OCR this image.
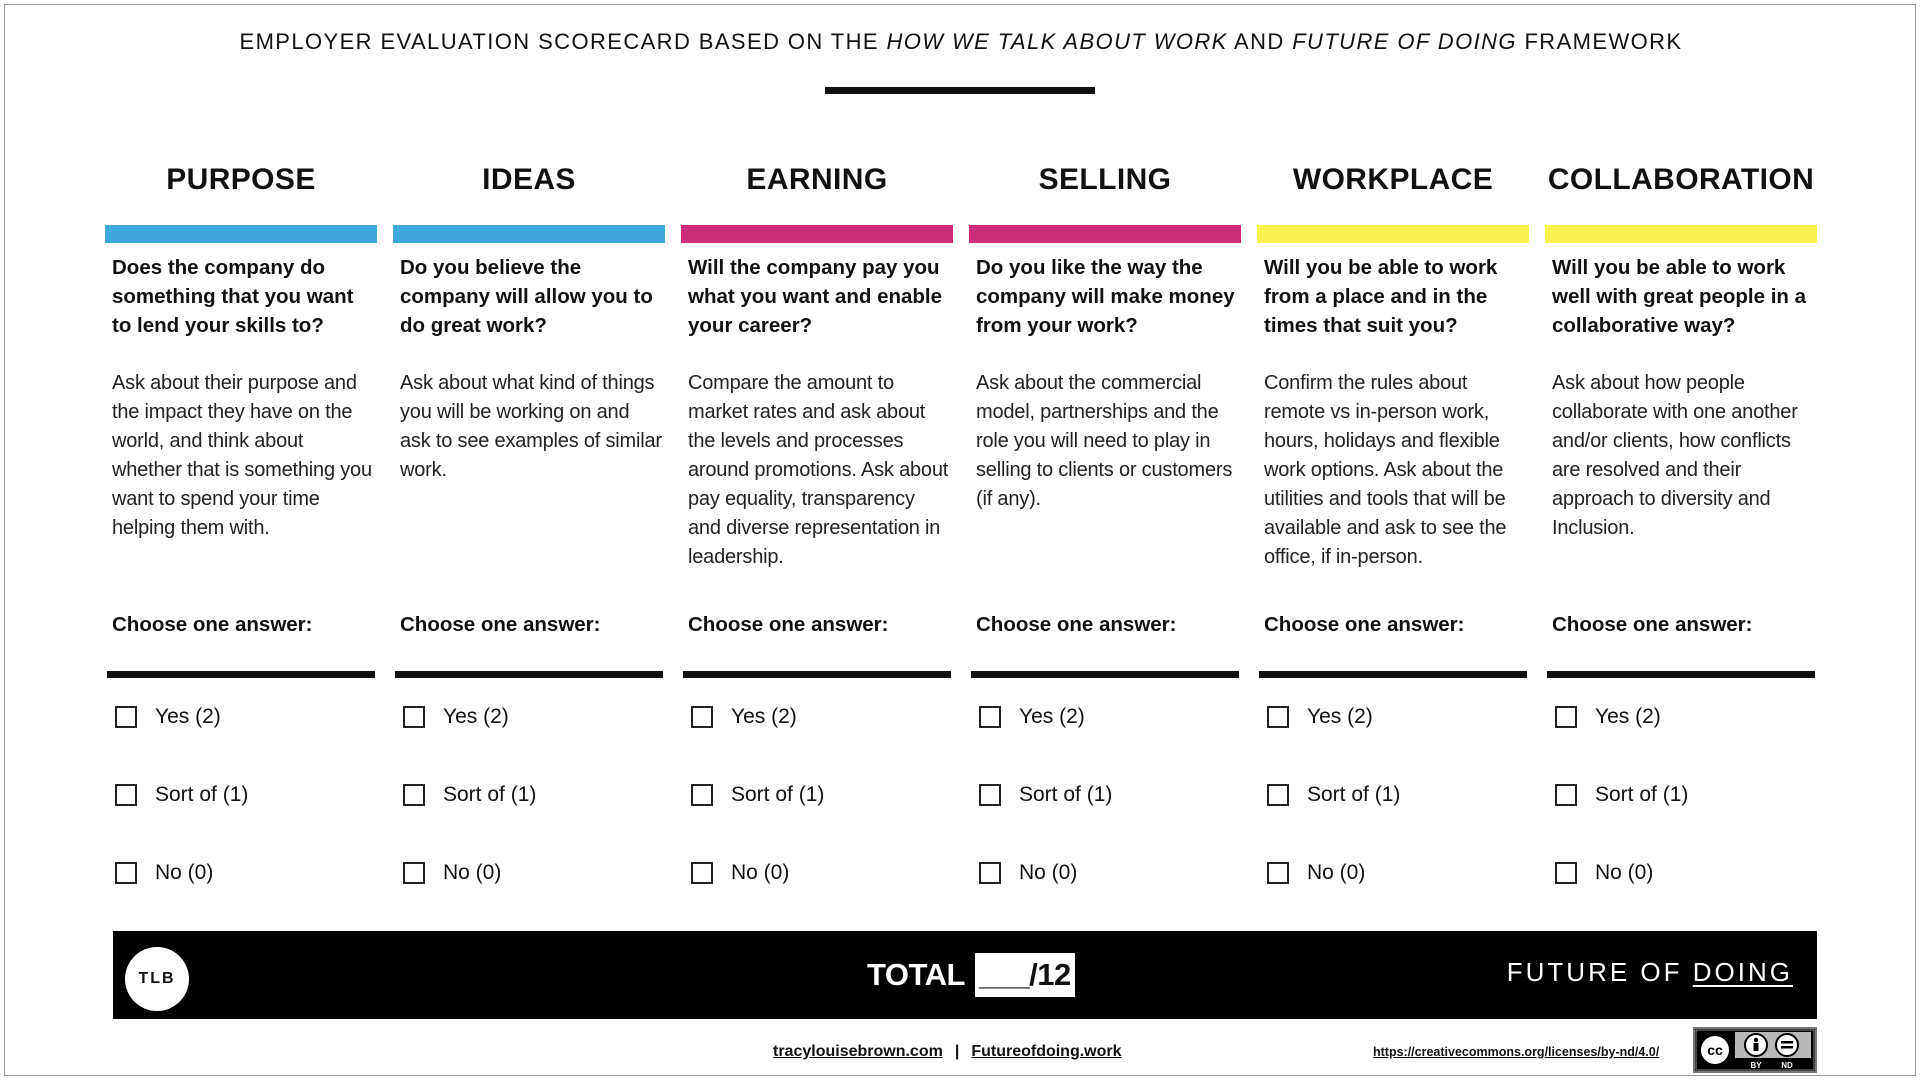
EMPLOYER EVALUATION SCORECARD BASED ON THE HOW WE TALK ABOUT WORK AND FUTURE OF DOING FRAMEWORK
PURPOSE
Does the company do something that you want to lend your skills to?
Ask about their purpose and the impact they have on the world, and think about whether that is something you want to spend your time helping them with.
Choose one answer:
Yes (2)
Sort of (1)
No (0)
IDEAS
Do you believe the company will allow you to do great work?
Ask about what kind of things you will be working on and ask to see examples of similar work.
Choose one answer:
Yes (2)
Sort of (1)
No (0)
EARNING
Will the company pay you what you want and enable your career?
Compare the amount to market rates and ask about the levels and processes around promotions. Ask about pay equality, transparency and diverse representation in leadership.
Choose one answer:
Yes (2)
Sort of (1)
No (0)
SELLING
Do you like the way the company will make money from your work?
Ask about the commercial model, partnerships and the role you will need to play in selling to clients or customers (if any).
Choose one answer:
Yes (2)
Sort of (1)
No (0)
WORKPLACE
Will you be able to work from a place and in the times that suit you?
Confirm the rules about remote vs in-person work, hours, holidays and flexible work options. Ask about the utilities and tools that will be available and ask to see the office, if in-person.
Choose one answer:
Yes (2)
Sort of (1)
No (0)
COLLABORATION
Will you be able to work well with great people in a collaborative way?
Ask about how people collaborate with one another and/or clients, how conflicts are resolved and their approach to diversity and Inclusion.
Choose one answer:
Yes (2)
Sort of (1)
No (0)
TLB	TOTAL ___/12	FUTURE OF DOING
tracylouisebrown.com | Futureofdoing.work	https://creativecommons.org/licenses/by-nd/4.0/	cc
BY ND
